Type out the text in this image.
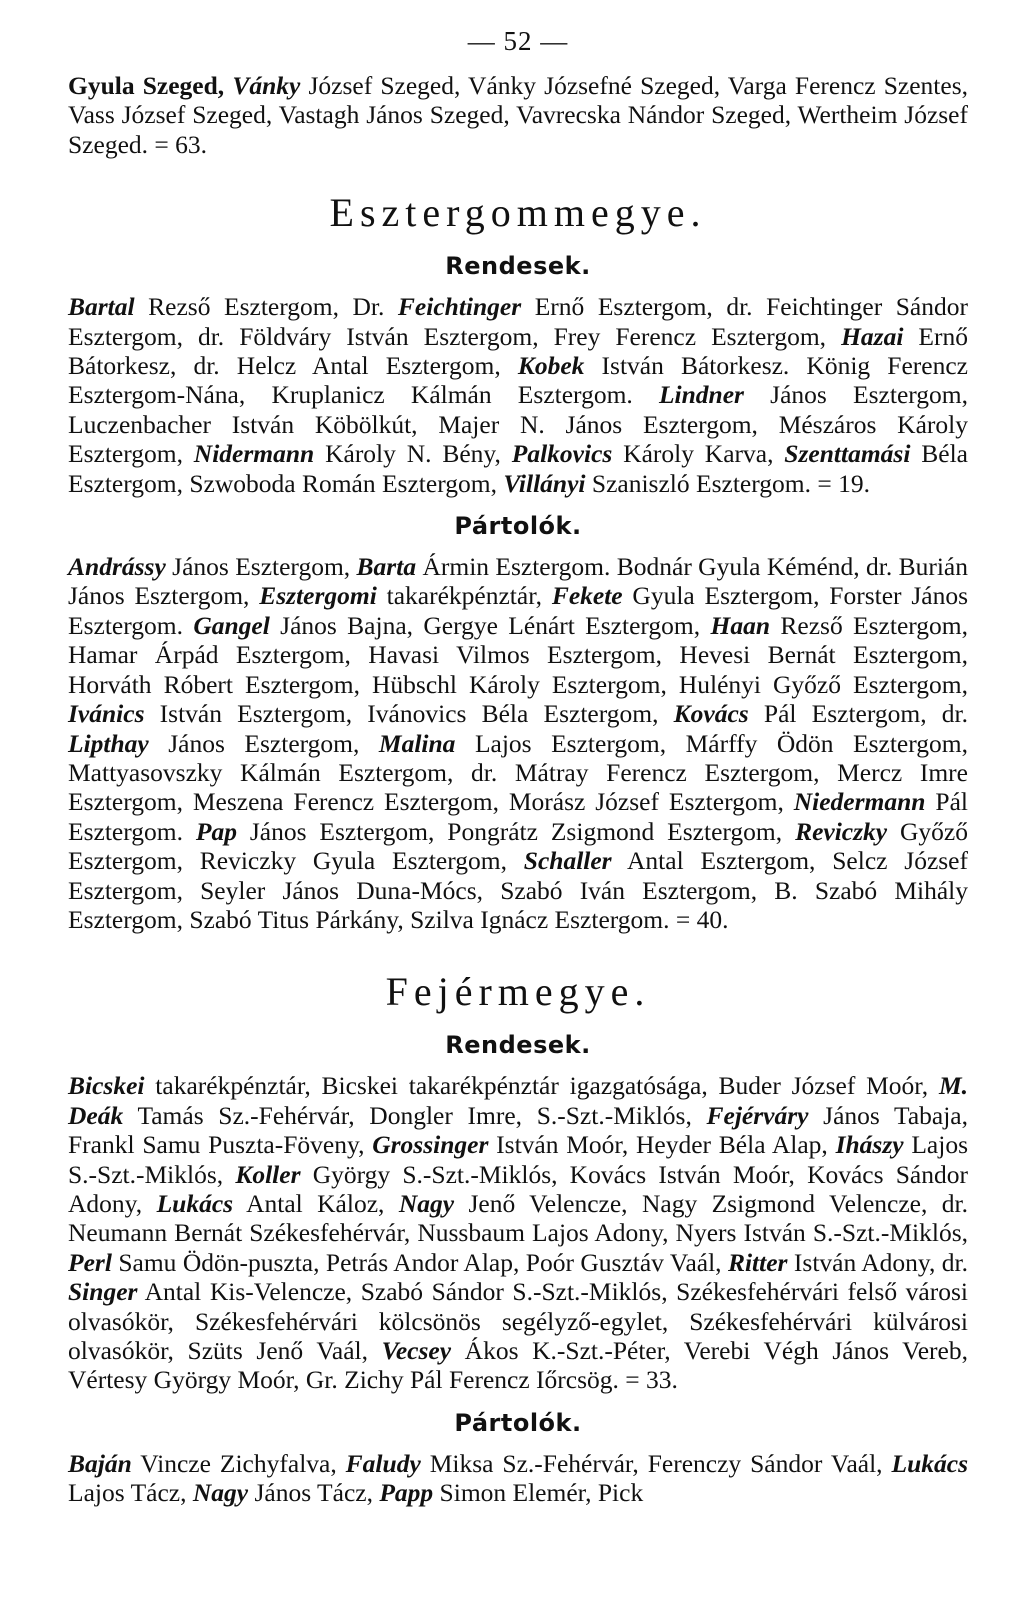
— 52 —

Gyula Szeged, Vánky József Szeged, Vánky Józsefné Szeged, Varga Ferencz Szentes, Vass József Szeged, Vastagh János Szeged, Vavrecska Nándor Szeged, Wertheim József Szeged. = 63.

Esztergommegye.
Rendesek.

Bartal Rezső Esztergom, Dr. Feichtinger Ernő Esztergom, dr. Feichtinger Sándor Esztergom, dr. Földváry István Esztergom, Frey Ferencz Esztergom, Hazai Ernő Bátorkesz, dr. Helcz Antal Esztergom, Kobek István Bátorkesz. König Ferencz Esztergom-Nána, Kruplanicz Kálmán Esztergom. Lindner János Esztergom, Luczenbacher István Köbölkút, Majer N. János Esztergom, Mészáros Károly Esztergom, Nidermann Károly N. Bény, Palkovics Károly Karva, Szenttamási Béla Esztergom, Szwoboda Román Esztergom, Villányi Szaniszló Esztergom. = 19.

Pártolók.

Andrássy János Esztergom, Barta Ármin Esztergom. Bodnár Gyula Kéménd, dr. Burián János Esztergom, Esztergomi takarékpénztár, Fekete Gyula Esztergom, Forster János Esztergom. Gangel János Bajna, Gergye Lénárt Esztergom, Haan Rezső Esztergom, Hamar Árpád Esztergom, Havasi Vilmos Esztergom, Hevesi Bernát Esztergom, Horváth Róbert Esztergom, Hübschl Károly Esztergom, Hulényi Győző Esztergom, Ivánics István Esztergom, Ivánovics Béla Esztergom, Kovács Pál Esztergom, dr. Lipthay János Esztergom, Malina Lajos Esztergom, Márffy Ödön Esztergom, Mattyasovszky Kálmán Esztergom, dr. Mátray Ferencz Esztergom, Mercz Imre Esztergom, Meszena Ferencz Esztergom, Morász József Esztergom, Niedermann Pál Esztergom. Pap János Esztergom, Pongrátz Zsigmond Esztergom, Reviczky Győző Esztergom, Reviczky Gyula Esztergom, Schaller Antal Esztergom, Selcz József Esztergom, Seyler János Duna-Mócs, Szabó Iván Esztergom, B. Szabó Mihály Esztergom, Szabó Titus Párkány, Szilva Ignácz Esztergom. = 40.

Fejérmegye.
Rendesek.

Bicskei takarékpénztár, Bicskei takarékpénztár igazgatósága, Buder József Moór, M. Deák Tamás Sz.-Fehérvár, Dongler Imre, S.-Szt.-Miklós, Fejérváry János Tabaja, Frankl Samu Puszta-Föveny, Grossinger István Moór, Heyder Béla Alap, Ihászy Lajos S.-Szt.-Miklós, Koller György S.-Szt.-Miklós, Kovács István Moór, Kovács Sándor Adony, Lukács Antal Káloz, Nagy Jenő Velencze, Nagy Zsigmond Velencze, dr. Neumann Bernát Székesfehérvár, Nussbaum Lajos Adony, Nyers István S.-Szt.-Miklós, Perl Samu Ödön-puszta, Petrás Andor Alap, Poór Gusztáv Vaál, Ritter István Adony, dr. Singer Antal Kis-Velencze, Szabó Sándor S.-Szt.-Miklós, Székesfehérvári felső városi olvasókör, Székesfehérvári kölcsönös segélyző-egylet, Székesfehérvári külvárosi olvasókör, Szüts Jenő Vaál, Vecsey Ákos K.-Szt.-Péter, Verebi Végh János Vereb, Vértesy György Moór, Gr. Zichy Pál Ferencz Iőrcsög. = 33.

Pártolók.

Baján Vincze Zichyfalva, Faludy Miksa Sz.-Fehérvár, Ferenczy Sándor Vaál, Lukács Lajos Tácz, Nagy János Tácz, Papp Simon Elemér, Pick
